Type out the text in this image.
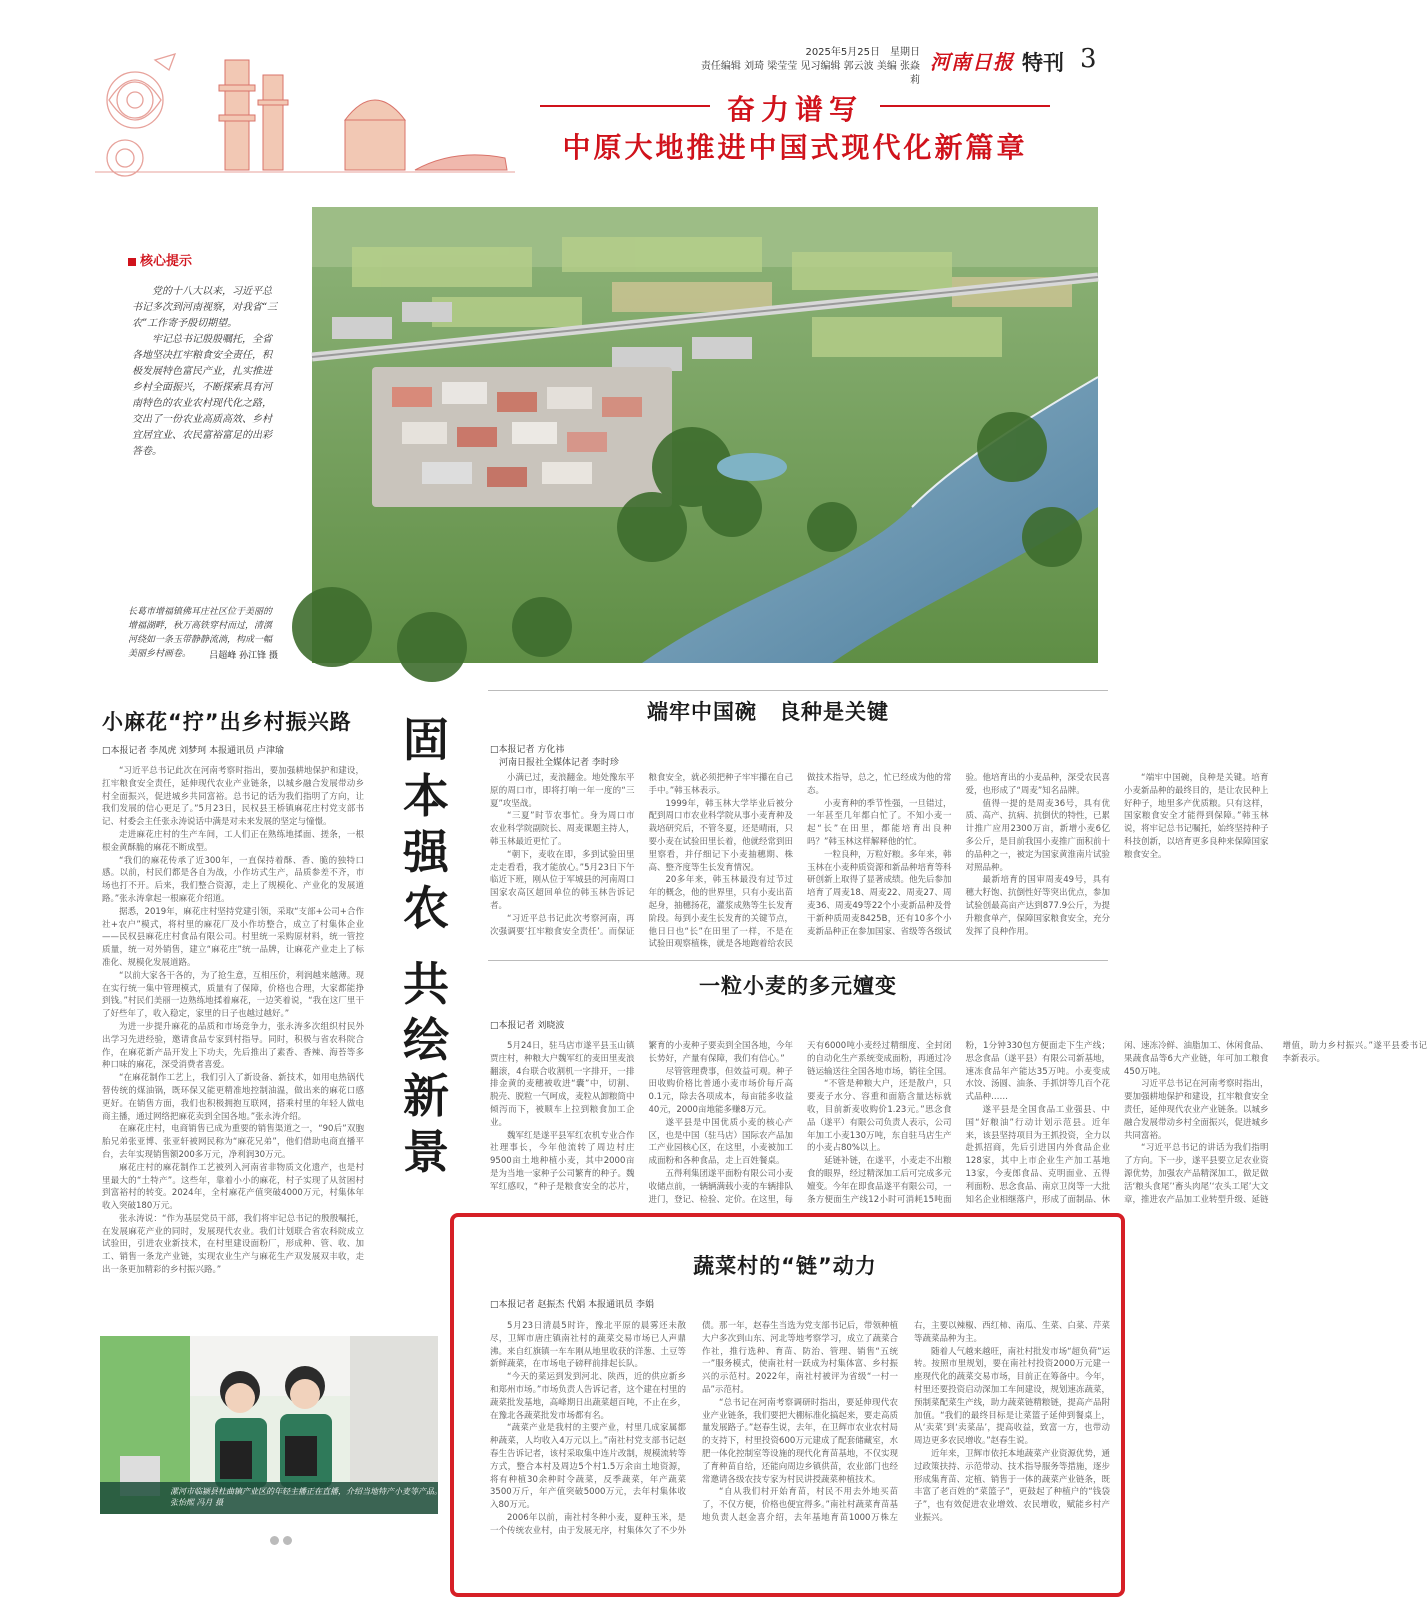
2025年5月25日　星期日
责任编辑 刘琦 梁莹莹 见习编辑 郭云波 美编 张焱莉
河南日报 特刊 3
奋力谱写
中原大地推进中国式现代化新篇章
核心提示

党的十八大以来，习近平总书记多次到河南视察，对我省“三农”工作寄予殷切期望。

牢记总书记殷殷嘱托，全省各地坚决扛牢粮食安全责任，积极发展特色富民产业，扎实推进乡村全面振兴，不断探索具有河南特色的农业农村现代化之路，交出了一份农业高质高效、乡村宜居宜业、农民富裕富足的出彩答卷。

长葛市增福镇佛耳庄社区位于美丽的增福湖畔，秋万高铁穿村而过，清潩河绕如一条玉带静静流淌，构成一幅美丽乡村画卷。	吕超峰 孙江锋 摄
固
本
强
农
共
绘
新
景
小麻花“拧”出乡村振兴路
□本报记者 李凤虎 刘梦珂 本报通讯员 卢津瑜

“习近平总书记此次在河南考察时指出，要加强耕地保护和建设，扛牢粮食安全责任，延伸现代农业产业链条，以城乡融合发展带动乡村全面振兴，促进城乡共同富裕。总书记的话为我们指明了方向，让我们发展的信心更足了。”5月23日，民权县王桥镇麻花庄村党支部书记、村委会主任张永涛说话中满是对未来发展的坚定与憧憬。

走进麻花庄村的生产车间，工人们正在熟练地揉面、搓条，一根根金黄酥脆的麻花不断成型。

“我们的麻花传承了近300年，一直保持着酥、香、脆的独特口感。以前，村民们都是各自为战，小作坊式生产，品质参差不齐，市场也打不开。后来，我们整合资源，走上了规模化、产业化的发展道路。”张永涛拿起一根麻花介绍道。

据悉，2019年，麻花庄村坚持党建引领，采取“支部+公司+合作社+农户”模式，将村里的麻花厂及小作坊整合，成立了村集体企业——民权县麻花庄村食品有限公司。村里统一采购原材料，统一管控质量，统一对外销售，建立“麻花庄”统一品牌，让麻花产业走上了标准化、规模化发展道路。

“以前大家各干各的，为了抢生意，互相压价，利润越来越薄。现在实行统一集中管理模式，质量有了保障，价格也合理，大家都能挣到钱。”村民们美丽一边熟练地揉着麻花，一边笑着说，“我在这厂里干了好些年了，收入稳定，家里的日子也越过越好。”

为进一步提升麻花的品质和市场竞争力，张永涛多次组织村民外出学习先进经验，邀请食品专家到村指导。同时，积极与省农科院合作，在麻花新产品开发上下功夫，先后推出了素香、香辣、海苔等多种口味的麻花，深受消费者喜爱。

“在麻花制作工艺上，我们引入了新设备、新技术，如用电热锅代替传统的煤油锅，既环保又能更精准地控制油温，做出来的麻花口感更好。在销售方面，我们也积极拥抱互联网，搭乘村里的年轻人做电商主播，通过网络把麻花卖到全国各地。”张永涛介绍。

在麻花庄村，电商销售已成为重要的销售渠道之一，“90后”双胞胎兄弟张亚博、张亚轩被网民称为“麻花兄弟”，他们借助电商直播平台，去年实现销售额200多万元，净利润30万元。

麻花庄村的麻花制作工艺被列入河南省非物质文化遗产，也是村里最大的“土特产”。这些年，靠着小小的麻花，村子实现了从贫困村到富裕村的转变。2024年，全村麻花产值突破4000万元，村集体年收入突破180万元。

张永涛说：“作为基层党员干部，我们将牢记总书记的殷殷嘱托，在发展麻花产业的同时，发展现代农业。我们计划联合省农科院成立试验田，引进农业新技术，在村里建设面粉厂，形成种、管、收、加工、销售一条龙产业链，实现农业生产与麻花生产双发展双丰收，走出一条更加精彩的乡村振兴路。”

端牢中国碗　良种是关键
□本报记者 方化祎
　河南日报社全媒体记者 李时珍

小满已过，麦浪翻金。地处豫东平原的周口市，即将打响一年一度的“三夏”攻坚战。

“三夏”时节农事忙。身为周口市农业科学院副院长、周麦课题主持人，韩玉林最近更忙了。

“朝下，麦收在即，多到试验田里走走看看，我才能放心。”5月23日下午临近下班，刚从位于军城县的河南周口国家农高区超回单位的韩玉林告诉记者。

“习近平总书记此次考察河南，再次强调要‘扛牢粮食安全责任’。而保证粮食安全，就必须把种子牢牢攥在自己手中。”韩玉林表示。

1999年，韩玉林大学毕业后被分配到周口市农业科学院从事小麦育种及栽培研究后，不管冬夏，还是晴雨，只要小麦在试验田里长着，他就经常到田里察看，并仔细记下小麦抽穗期、株高、整齐度等生长发育情况。

20多年来，韩玉林最没有过节过年的概念，他的世界里，只有小麦出苗起身，抽穗扬花，灌浆成熟等生长发育阶段。每到小麦生长发育的关键节点，他日日也“长”在田里了一样，不是在试验田观察植株，就是各地跑着给农民做技术指导，总之，忙已经成为他的常态。

小麦育种的季节性强，一旦错过，一年甚至几年都白忙了。不知小麦一起“长”在田里，都能培育出良种吗？”韩玉林这样解释他的忙。

一粒良种，万粒好粮。多年来，韩玉林在小麦种质资源和新品种培育等科研创新上取得了显著成绩。他先后参加培育了周麦18、周麦22、周麦27、周麦36、周麦49等22个小麦新品种及骨干新种质周麦8425B，还有10多个小麦新品种正在参加国家、省级等各级试验。他培育出的小麦品种，深受农民喜爱，也形成了“周麦”知名品牌。

值得一提的是周麦36号，具有优质、高产、抗病、抗倒伏的特性，已累计推广应用2300万亩，新增小麦6亿多公斤，是目前我国小麦推广面积前十的品种之一，被定为国家黄淮南片试验对照品种。

最新培育的国审周麦49号，具有穗大籽饱、抗倒性好等突出优点，参加试验创最高亩产达到877.9公斤，为提升粮食单产，保障国家粮食安全，充分发挥了良种作用。

“端牢中国碗，良种是关键。培育小麦新品种的最终目的，是让农民种上好种子，地里多产优质粮。只有这样，国家粮食安全才能得到保障。”韩玉林说，将牢记总书记嘱托，始终坚持种子科技创新，以培育更多良种来保障国家粮食安全。

一粒小麦的多元嬗变
□本报记者 刘晓波

5月24日，驻马店市遂平县玉山镇贾庄村，种粮大户魏军红的麦田里麦浪翻滚，4台联合收割机一字排开，一排排金黄的麦穗被收进“囊”中，切割、脱壳、脱粒一气呵成，麦粒从卸粮筒中倾泻而下，被顺车上拉到粮食加工企业。

魏军红是遂平县军红农机专业合作社理事长，今年他流转了周边村庄9500亩土地种植小麦，其中2000亩是为当地一家种子公司繁育的种子。魏军红感叹，“种子是粮食安全的芯片，繁育的小麦种子要卖到全国各地，今年长势好，产量有保障，我们有信心。”

尽管管理费事，但效益可观。种子田收购价格比普通小麦市场价每斤高0.1元，除去各项成本，每亩能多收益40元，2000亩地能多赚8万元。

遂平县是中国优质小麦的核心产区，也是中国（驻马店）国际农产品加工产业园核心区，在这里，小麦被加工成面粉和各种食品，走上百姓餐桌。

五得利集团遂平面粉有限公司小麦收储点前，一辆辆满载小麦的车辆排队进门，登记、检验、定价。在这里，每天有6000吨小麦经过精细度、全封闭的自动化生产系统变成面粉，再通过冷链运输送往全国各地市场，销往全国。

“不管是种粮大户，还是散户，只要麦子水分、容重和面筋含量达标就收，目前新麦收购价1.23元。”思念食品（遂平）有限公司负责人表示，公司年加工小麦130万吨，东自驻马店生产的小麦占80%以上。

延链补链，在遂平，小麦走不出粮食的眼界，经过精深加工后可完成多元嬗变。今年在即食品遂平有限公司，一条方便面生产线12小时可消耗15吨面粉，1分钟330包方便面走下生产线；思念食品（遂平县）有限公司新基地，速冻食品年产能达35万吨。小麦变成水饺、汤圆、油条、手抓饼等几百个花式品种……

遂平县是全国食品工业强县、中国“好粮油”行动计划示范县。近年来，该县坚持项目为王抓投资，全力以赴抓招商，先后引进国内外食品企业128家，其中上市企业生产加工基地13家，今麦郎食品、克明面业、五得利面粉、思念食品、南京卫岗等一大批知名企业相继落户，形成了面制品、休闲、速冻冷鲜、油脂加工、休闲食品、果蔬食品等6大产业链，年可加工粮食450万吨。

习近平总书记在河南考察时指出，要加强耕地保护和建设，扛牢粮食安全责任，延伸现代农业产业链条。以城乡融合发展带动乡村全面振兴，促进城乡共同富裕。

“习近平总书记的讲话为我们指明了方向。下一步，遂平县要立足农业资源优势，加强农产品精深加工，做足做活‘粮头食尾’‘畜头肉尾’‘农头工尾’大文章，推进农产品加工业转型升级、延链增值，助力乡村振兴。”遂平县委书记李新表示。

蔬菜村的“链”动力
□本报记者 赵振杰 代娟 本报通讯员 李娟

5月23日清晨5时许，豫北平原的晨雾还未散尽，卫辉市唐庄镇南社村的蔬菜交易市场已人声鼎沸。来自红旗镇一车车刚从地里收获的洋葱、土豆等新鲜蔬菜，在市场电子磅秤前排起长队。

“今天的菜运到发到河北、陕西，近的供应新乡和郑州市场。”市场负责人告诉记者，这个建在村里的蔬菜批发基地，高峰期日出蔬菜超百吨，不止在乡，在豫北各蔬菜批发市场都有名。

“蔬菜产业是我村的主要产业，村里几成家属都种蔬菜，人均收入4万元以上。”南社村党支部书记赵春生告诉记者，该村采取集中连片改制，规模流转等方式，整合本村及周边5个村1.5万余亩土地资源，将有种植30余种时令蔬菜，反季蔬菜，年产蔬菜3500万斤，年产值突破5000万元，去年村集体收入80万元。

2006年以前，南社村冬种小麦，夏种玉米，是一个传统农业村，由于发展无序，村集体欠了不少外债。那一年，赵春生当选为党支部书记后，带领种植大户多次到山东、河北等地考察学习，成立了蔬菜合作社，推行选种、育苗、防治、管理、销售“五统一”服务模式，使南社村一跃成为村集体富、乡村振兴的示范村。2022年，南社村被评为省级“一村一品”示范村。

“总书记在河南考察调研时指出，要延伸现代农业产业链条，我们要把大棚标准化搞起来，要走高质量发展路子。”赵春生说，去年，在卫辉市农业农村局的支持下，村里投资600万元建成了配套储藏室，水肥一体化控制室等设施的现代化育苗基地，不仅实现了育种苗自给，还能向周边乡镇供苗，农业部门也经常邀请各级农技专家为村民讲授蔬菜种植技术。

“自从我们村开始育苗，村民不用去外地买苗了，不仅方便，价格也便宜得多。”南社村蔬菜育苗基地负责人赵金喜介绍，去年基地育苗1000万株左右，主要以辣椒、西红柿、南瓜、生菜、白菜、芹菜等蔬菜品种为主。

随着人气越来越旺，南社村批发市场“超负荷”运转。按照市里规划，要在南社村投资2000万元建一座现代化的蔬菜交易市场，目前正在筹备中。今年，村里还要投资启动深加工车间建设，规划速冻蔬菜，预制菜配菜生产线，助力蔬菜链精粮链，提高产品附加值。“我们的最终目标是让菜篮子延伸到餐桌上，从‘卖菜’到‘卖菜品’，提高收益，致富一方，也带动周边更多农民增收。”赵春生说。

近年来，卫辉市依托本地蔬菜产业资源优势，通过政策扶持、示范带动、技术指导服务等措施，逐步形成集育苗、定植、销售于一体的蔬菜产业链条，既丰富了老百姓的“菜篮子”，更鼓起了种植户的“钱袋子”，也有效促进农业增效、农民增收，赋能乡村产业振兴。

漯河市临颍县杜曲镇产业区的年轻主播正在直播，介绍当地特产小麦等产品。　张怡熙 冯月 摄
